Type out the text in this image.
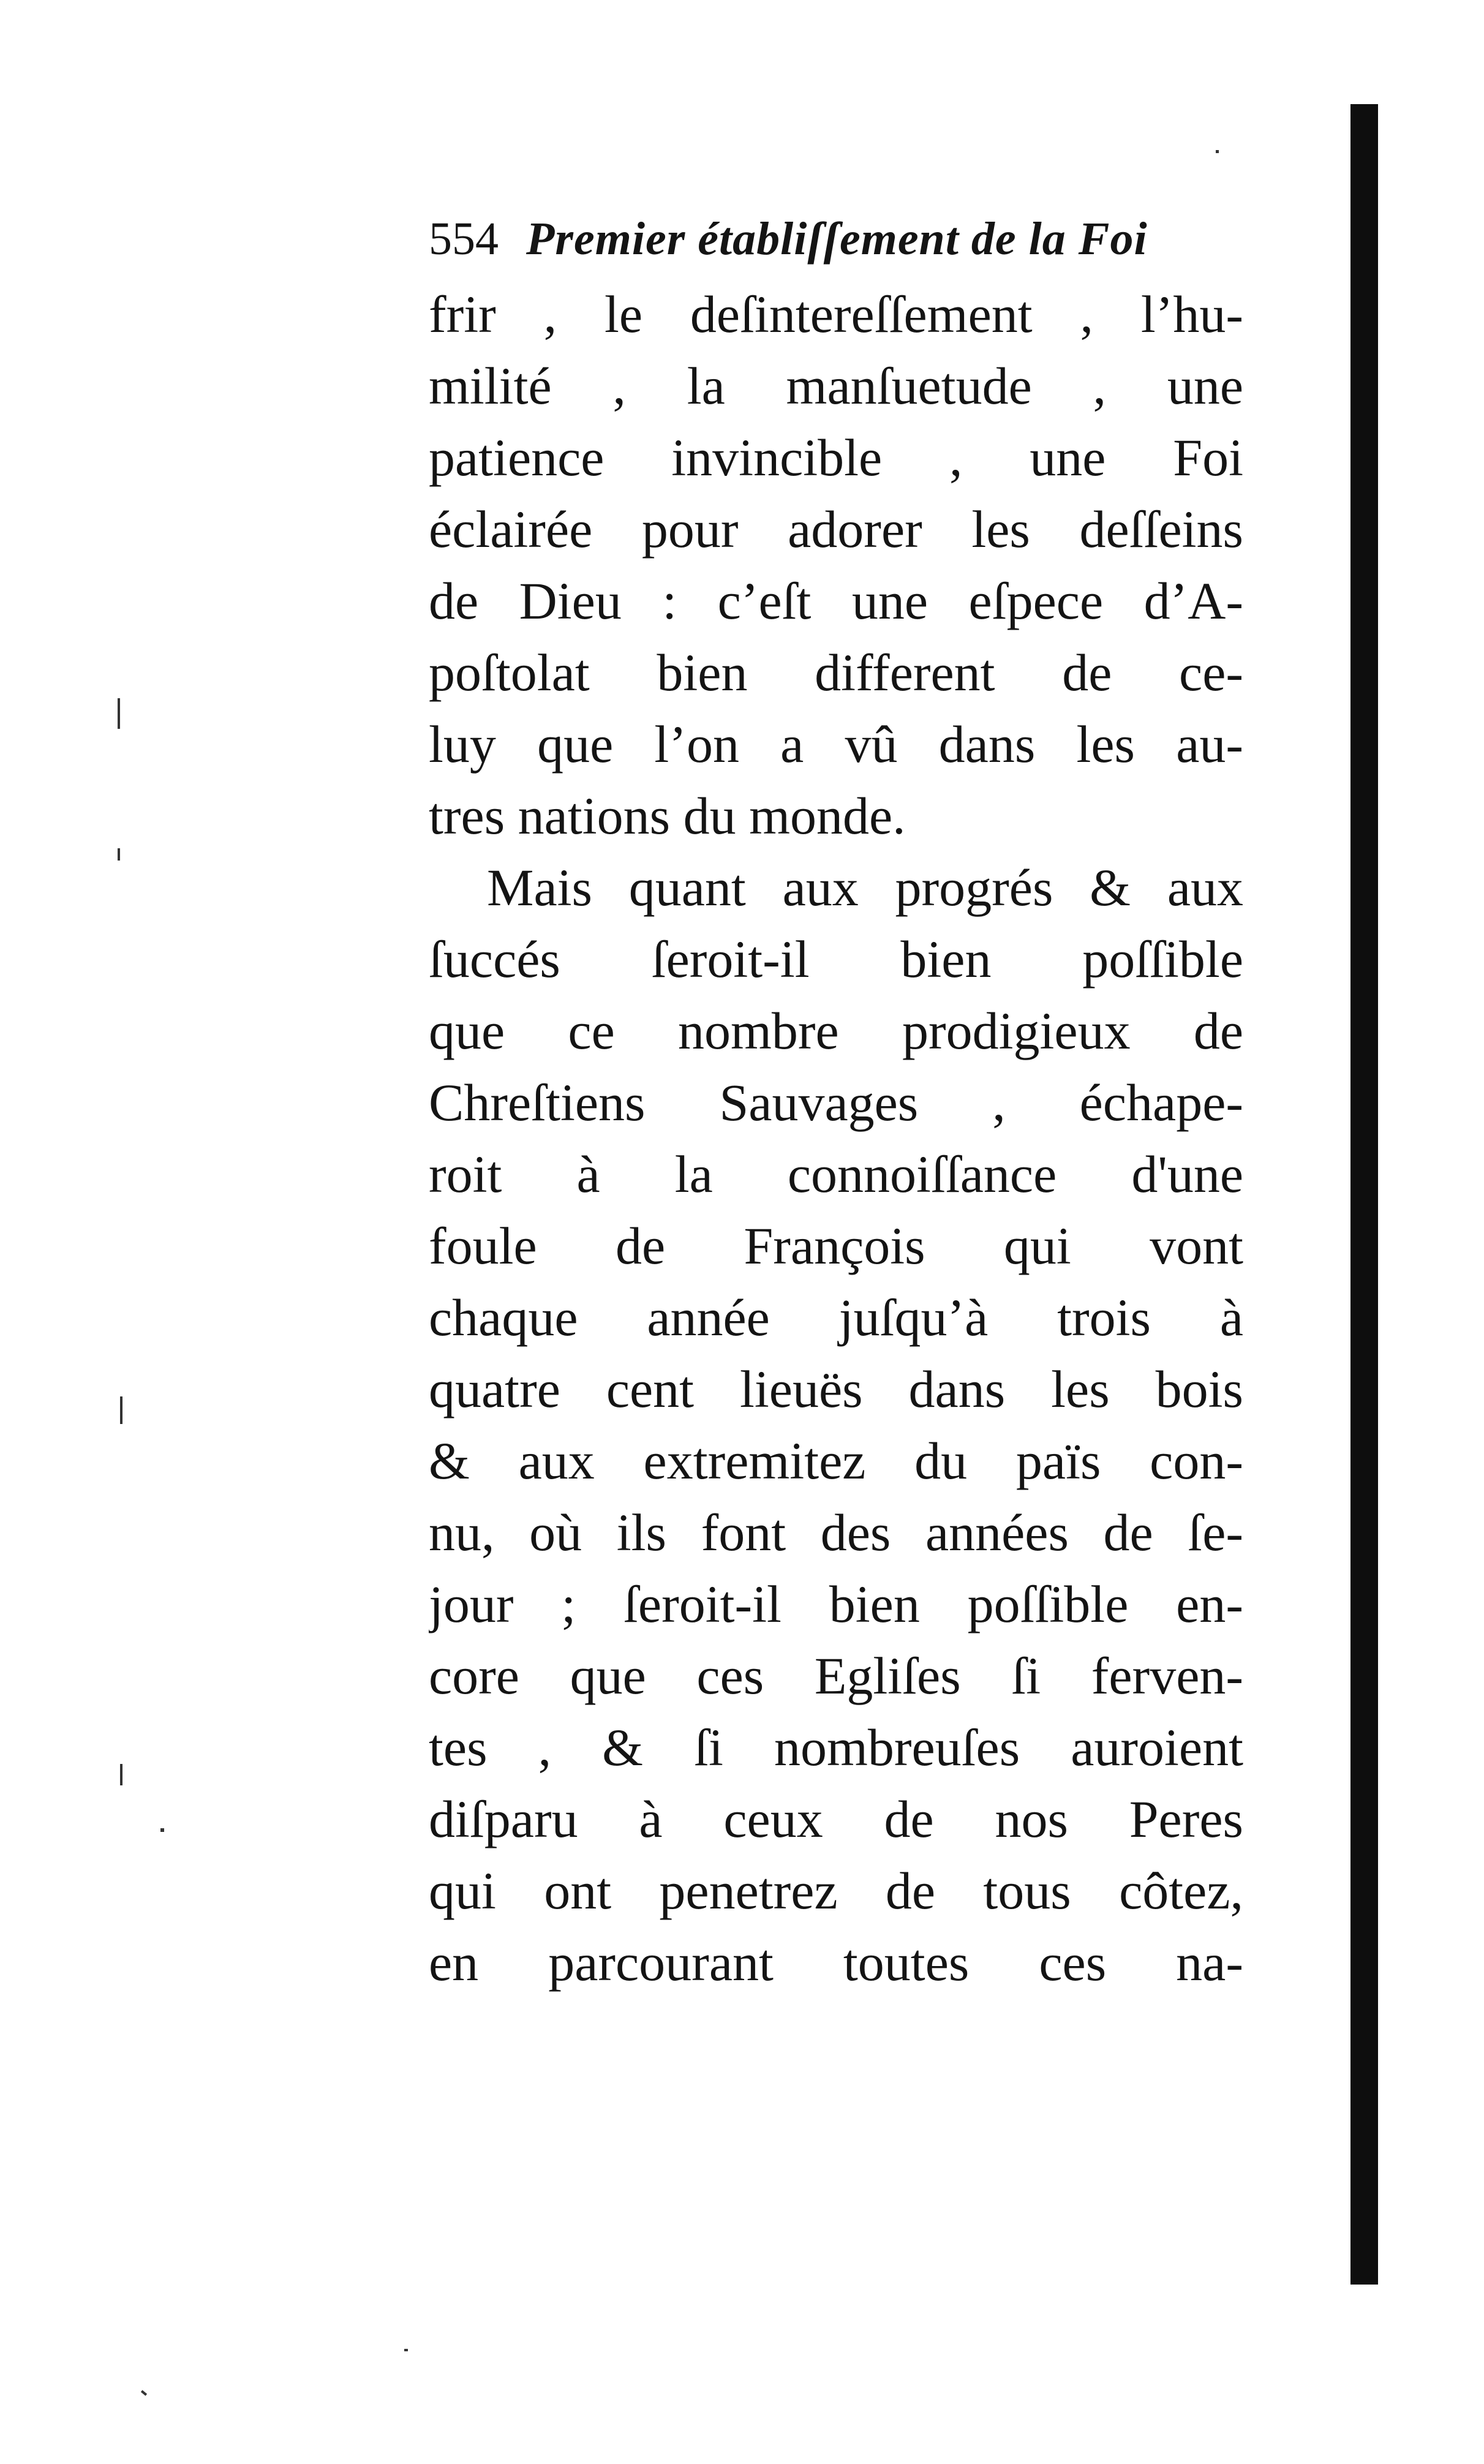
554 Premier établiſſement de la Foi
frir , le deſintereſſement , l’hu-
milité , la manſuetude , une
patience invincible , une Foi
éclairée pour adorer les deſſeins
de Dieu : c’eſt une eſpece d’A-
poſtolat bien different de ce-
luy que l’on a vû dans les au-
tres nations du monde.
Mais quant aux progrés & aux
ſuccés ſeroit-il bien poſſible
que ce nombre prodigieux de
Chreſtiens Sauvages , échape-
roit à la connoiſſance d'une
foule de François qui vont
chaque année juſqu’à trois à
quatre cent lieuës dans les bois
& aux extremitez du païs con-
nu, où ils font des années de ſe-
jour ; ſeroit-il bien poſſible en-
core que ces Egliſes ſi ferven-
tes , & ſi nombreuſes auroient
diſparu à ceux de nos Peres
qui ont penetrez de tous côtez,
en parcourant toutes ces na-
